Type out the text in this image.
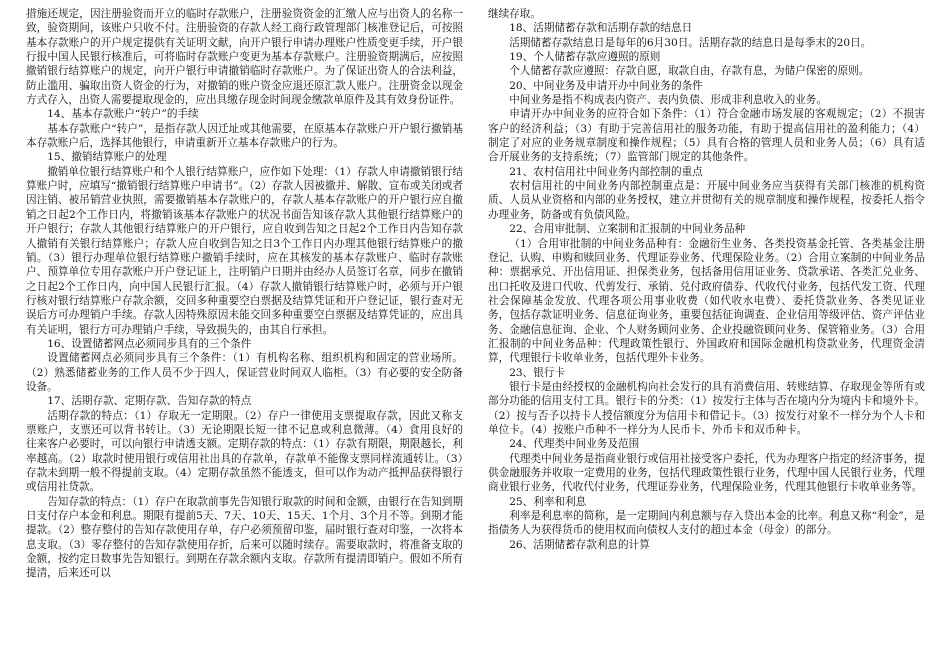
措施还规定，因注册验资而开立的临时存款账户，注册验资资金的汇缴人应与出资人的名称一致，验资期间，该账户只收不付。注册验资的存款人经工商行政管理部门核准登记后，可按照基本存款账户的开户规定提供有关证明文献，向开户银行申请办理账户性质变更手续，开户银行报中国人民银行核准后，可将临时存款账户变更为基本存款账户。注册验资期满后，应按照撤销银行结算账户的规定，向开户银行申请撤销临时存款账户。为了保证出资人的合法利益，防止滥用、骗取出资人资金的行为，对撤销的账户资金应退还原汇款人账户。注册资金以现金方式存入，出资人需要提取现金的，应出具缴存现金时间现金缴款单原件及其有效身份证件。

14、基本存款账户“转户”的手续

基本存款账户“转户”，是指存款人因迁址或其他需要，在原基本存款账户开户银行撤销基本存款账户后，选择其他银行，申请重新开立基本存款账户的行为。

15、撤销结算账户的处理

撤销单位银行结算账户和个人银行结算账户，应作如下处理：（1）存款人申请撤销银行结算账户时，应填写“撤销银行结算账户申请书”。（2）存款人因被撤并、解散、宣布或关闭或者因注销、被吊销营业执照，需要撤销基本存款账户的，存款人基本存款账户的开户银行应自撤销之日起2个工作日内，将撤销该基本存款账户的状况书面告知该存款人其他银行结算账户的开户银行；存款人其他银行结算账户的开户银行，应自收到告知之日起2个工作日内告知存款人撤销有关银行结算账户；存款人应自收到告知之日3个工作日内办理其他银行结算账户的撤销。（3）银行办理单位银行结算账户撤销手续时，应在其核发的基本存款账户、临时存款账户、预算单位专用存款账户开户登记证上，注明销户日期并由经办人员签订名章，同步在撤销之日起2个工作日内，向中国人民银行汇报。（4）存款人撤销银行结算账户时，必须与开户银行核对银行结算账户存款余额，交回多种重要空白票据及结算凭证和开户登记证，银行查对无误后方可办理销户手续。存款人因特殊原因未能交回多种重要空白票据及结算凭证的，应出具有关证明，银行方可办理销户手续，导致损失的，由其自行承担。

16、设置储蓄网点必须同步具有的三个条件

设置储蓄网点必须同步具有三个条件：（1）有机构名称、组织机构和固定的营业场所。（2）熟悉储蓄业务的工作人员不少于四人，保证营业时间双人临柜。（3）有必要的安全防备设备。

17、活期存款、定期存款、告知存款的特点

活期存款的特点：（1）存取无一定期限。（2）存户一律使用支票提取存款，因此又称支票账户，支票还可以背书转让。（3）无论期限长短一律不记息或利息微薄。（4）食用良好的往来客户必要时，可以向银行申请透支额。定期存款的特点：（1）存款有期限，期限越长，利率越高。（2）取款时使用银行或信用社出具的存款单，存款单不能像支票同样流通转让。（3）存款未到期一般不得提前支取。（4）定期存款虽然不能透支，但可以作为动产抵押品获得银行或信用社贷款。

告知存款的特点：（1）存户在取款前事先告知银行取款的时间和金额，由银行在告知到期日支付存户本金和利息。期限有提前5天、7天、10天、15天、1个月、3个月不等。到期才能提款。（2）整存整付的告知存款使用存单，存户必须预留印鉴，届时银行查对印鉴，一次将本息支取。（3）零存整付的告知存款使用存折，后来可以随时续存。需要取款时，将准备支取的金额，按约定日数事先告知银行。到期在存款余额内支取。存款所有提清即销户。假如不所有提清，后来还可以

继续存取。

18、活期储蓄存款和活期存款的结息日

活期储蓄存款结息日是每年的6月30日。活期存款的结息日是每季末的20日。

19、个人储蓄存款应遵照的原则

个人储蓄存款应遵照：存款自愿，取款自由，存款有息，为储户保密的原则。

20、中间业务及申请开办中间业务的条件

中间业务是指不构成表内资产、表内负债、形成非利息收入的业务。

申请开办中间业务的应符合如下条件：（1）符合金融市场发展的客观规定；（2）不损害客户的经济利益；（3）有助于完善信用社的服务功能，有助于提高信用社的盈利能力；（4）制定了对应的业务规章制度和操作规程；（5）具有合格的管理人员和业务人员；（6）具有适合开展业务的支持系统；（7）监管部门规定的其他条件。

21、农村信用社中间业务内部控制的重点

农村信用社的中间业务内部控制重点是：开展中间业务应当获得有关部门核准的机构资质、人员从业资格和内部的业务授权，建立并贯彻有关的规章制度和操作规程，按委托人指令办理业务，防备或有负债风险。

22、合用审批制、立案制和汇报制的中间业务品种

（1）合用审批制的中间业务品种有：金融衍生业务、各类投资基金托管、各类基金注册登记、认购、申购和赎回业务、代理证券业务、代理保险业务。（2）合用立案制的中间业务品种：票据承兑、开出信用证、担保类业务，包括备用信用证业务、贷款承诺、各类汇兑业务、出口托收及进口代收、代剪发行、承销、兑付政府债券、代收代付业务，包括代发工资、代理社会保障基金发放、代理各项公用事业收费（如代收水电费）、委托贷款业务、各类见证业务，包括存款证明业务、信息征询业务，重要包括征询调查、企业信用等级评估、资产评估业务、金融信息征询、企业、个人财务顾问业务、企业投融资顾问业务、保管箱业务。（3）合用汇报制的中间业务品种：代理政策性银行、外国政府和国际金融机构贷款业务，代理资金清算，代理银行卡收单业务，包括代理外卡业务。

23、银行卡

银行卡是由经授权的金融机构向社会发行的具有消费信用、转账结算、存取现金等所有或部分功能的信用支付工具。银行卡的分类：（1）按发行主体与否在境内分为境内卡和境外卡。（2）按与否予以持卡人授信额度分为信用卡和借记卡。（3）按发行对象不一样分为个人卡和单位卡。（4）按账户币种不一样分为人民币卡、外币卡和双币种卡。

24、代理类中间业务及范围

代理类中间业务是指商业银行或信用社接受客户委托，代为办理客户指定的经济事务，提供金融服务并收取一定费用的业务，包括代理政策性银行业务，代理中国人民银行业务，代理商业银行业务，代收代付业务，代理证券业务，代理保险业务，代理其他银行卡收单业务等。

25、利率和利息

利率是利息率的简称，是一定期间内利息额与存入贷出本金的比率。利息又称“利金”，是指债务人为获得货币的使用权而向债权人支付的超过本金（母金）的部分。

26、活期储蓄存款利息的计算
